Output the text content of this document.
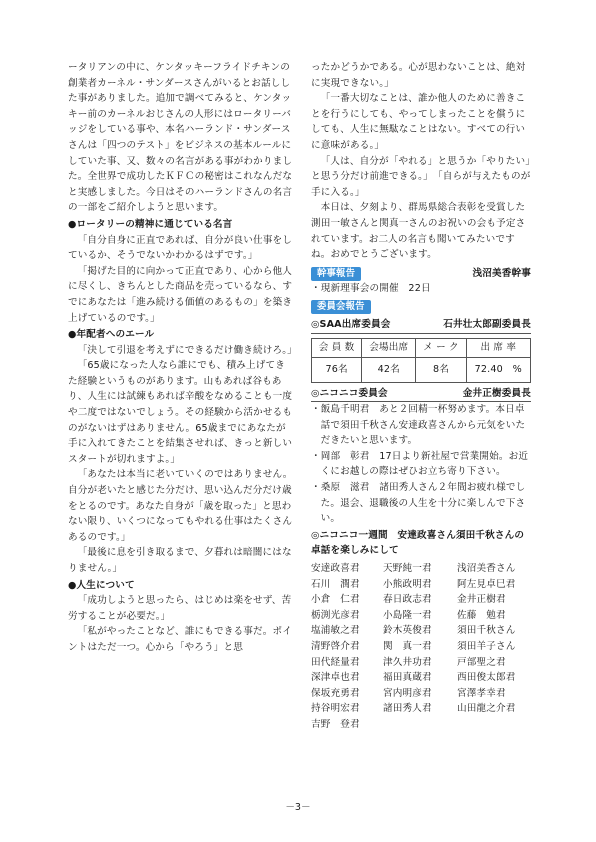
ータリアンの中に、ケンタッキーフライドチキンの創業者カーネル・サンダースさんがいるとお話しした事がありました。追加で調べてみると、ケンタッキー前のカーネルおじさんの人形にはロータリーバッジをしている事や、本名ハーランド・サンダースさんは「四つのテスト」をビジネスの基本ルールにしていた事、又、数々の名言がある事がわかりました。全世界で成功したＫＦＣの秘密はこれなんだなと実感しました。今日はそのハーランドさんの名言の一部をご紹介しようと思います。

●ロータリーの精神に通じている名言

「自分自身に正直であれば、自分が良い仕事をしているか、そうでないかわかるはずです。」

「掲げた目的に向かって正直であり、心から他人に尽くし、きちんとした商品を売っているなら、すでにあなたは「進み続ける価値のあるもの」を築き上げているのです。」

●年配者へのエール

「決して引退を考えずにできるだけ働き続けろ。」

「65歳になった人なら誰にでも、積み上げてきた経験というものがあります。山もあれば谷もあり、人生には試練もあれば辛酸をなめることも一度や二度ではないでしょう。その経験から活かせるものがないはずはありません。65歳までにあなたが手に入れてきたことを結集させれば、きっと新しいスタートが切れますよ。」

「あなたは本当に老いていくのではありません。自分が老いたと感じた分だけ、思い込んだ分だけ歳をとるのです。あなた自身が「歳を取った」と思わない限り、いくつになってもやれる仕事はたくさんあるのです。」

「最後に息を引き取るまで、夕暮れは暗闇にはなりません。」

●人生について

「成功しようと思ったら、はじめは楽をせず、苦労することが必要だ。」

「私がやったことなど、誰にもできる事だ。ポイントはただ一つ。心から「やろう」と思

ったかどうかである。心が思わないことは、絶対に実現できない。」

「一番大切なことは、誰か他人のために善きことを行うにしても、やってしまったことを償うにしても、人生に無駄なことはない。すべての行いに意味がある。」

「人は、自分が「やれる」と思うか「やりたい」と思う分だけ前進できる。」　「自らが与えたものが手に入る。」

本日は、夕刻より、群馬県総合表彰を受賞した測田一敏さんと関真一さんのお祝いの会も予定されています。お二人の名言も聞いてみたいですね。おめでとうございます。

幹事報告	浅沼美香幹事

・現新理事会の開催　22日

委員会報告
◎SAA出席委員会	石井壮太郎副委員長
会 員 数	会場出席	メ ー ク	出 席 率
76名	42名	8名	72.40　%
◎ニコニコ委員会	金井正樹委員長

・飯島千明君　あと２回精一杯努めます。本日卓話で須田千秋さん安達政喜さんから元気をいただきたいと思います。

・岡部　彰君　17日より新社屋で営業開始。お近くにお越しの際はぜひお立ち寄り下さい。

・桑原　滋君　諸田秀人さん２年間お疲れ様でした。退会、退職後の人生を十分に楽しんで下さい。

◎ニコニコ一週間　安達政喜さん須田千秋さんの卓話を楽しみにして

安達政喜君	天野純一君	浅沼美香さん
石川　潤君	小熊政明君	阿左見卓巳君
小倉　仁君	春日政志君	金井正樹君
栃渕光彦君	小島隆一君	佐藤　勉君
塩浦敏之君	鈴木英俊君	須田千秋さん
清野啓介君	関　真一君	須田羊子さん
田代経量君	津久井功君	戸部聖之君
深津卓也君	福田真蔵君	西田俊太郎君
保坂充勇君	宮内明彦君	宮澤孝幸君
持谷明宏君	諸田秀人君	山田龍之介君
吉野　登君
－3－
